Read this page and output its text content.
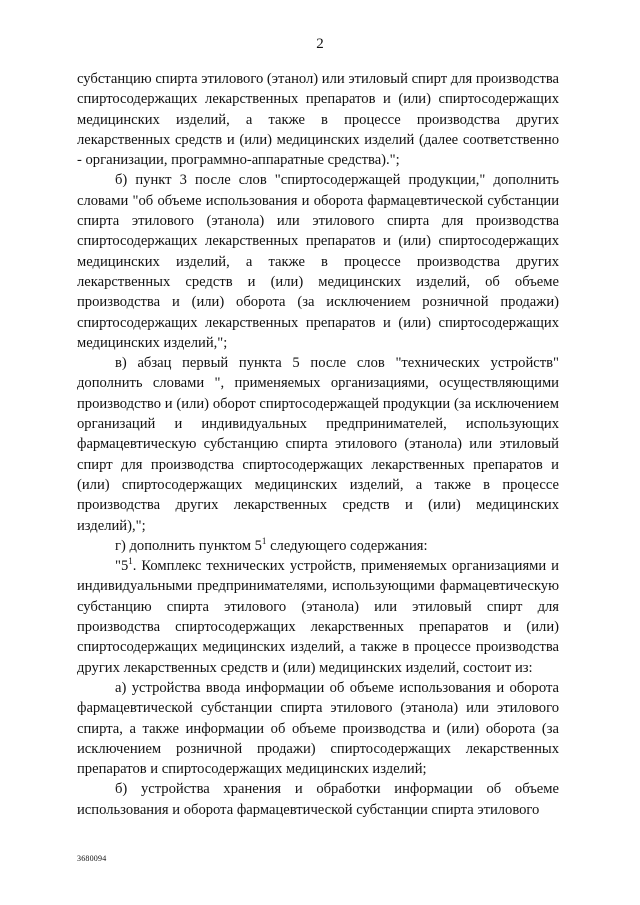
2

субстанцию спирта этилового (этанол) или этиловый спирт для производства спиртосодержащих лекарственных препаратов и (или) спиртосодержащих медицинских изделий, а также в процессе производства других лекарственных средств и (или) медицинских изделий (далее соответственно - организации, программно-аппаратные средства).";

б) пункт 3 после слов "спиртосодержащей продукции," дополнить словами "об объеме использования и оборота фармацевтической субстанции спирта этилового (этанола) или этилового спирта для производства спиртосодержащих лекарственных препаратов и (или) спиртосодержащих медицинских изделий, а также в процессе производства других лекарственных средств и (или) медицинских изделий, об объеме производства и (или) оборота (за исключением розничной продажи) спиртосодержащих лекарственных препаратов и (или) спиртосодержащих медицинских изделий,";

в) абзац первый пункта 5 после слов "технических устройств" дополнить словами ", применяемых организациями, осуществляющими производство и (или) оборот спиртосодержащей продукции (за исключением организаций и индивидуальных предпринимателей, использующих фармацевтическую субстанцию спирта этилового (этанола) или этиловый спирт для производства спиртосодержащих лекарственных препаратов и (или) спиртосодержащих медицинских изделий, а также в процессе производства других лекарственных средств и (или) медицинских изделий),";

г) дополнить пунктом $5^1$ следующего содержания:

"$5^1$. Комплекс технических устройств, применяемых организациями и индивидуальными предпринимателями, использующими фармацевтическую субстанцию спирта этилового (этанола) или этиловый спирт для производства спиртосодержащих лекарственных препаратов и (или) спиртосодержащих медицинских изделий, а также в процессе производства других лекарственных средств и (или) медицинских изделий, состоит из:

a) устройства ввода информации об объеме использования и оборота фармацевтической субстанции спирта этилового (этанола) или этилового спирта, а также информации об объеме производства и (или) оборота (за исключением розничной продажи) спиртосодержащих лекарственных препаратов и спиртосодержащих медицинских изделий;

б) устройства хранения и обработки информации об объеме использования и оборота фармацевтической субстанции спирта этилового

3680094
